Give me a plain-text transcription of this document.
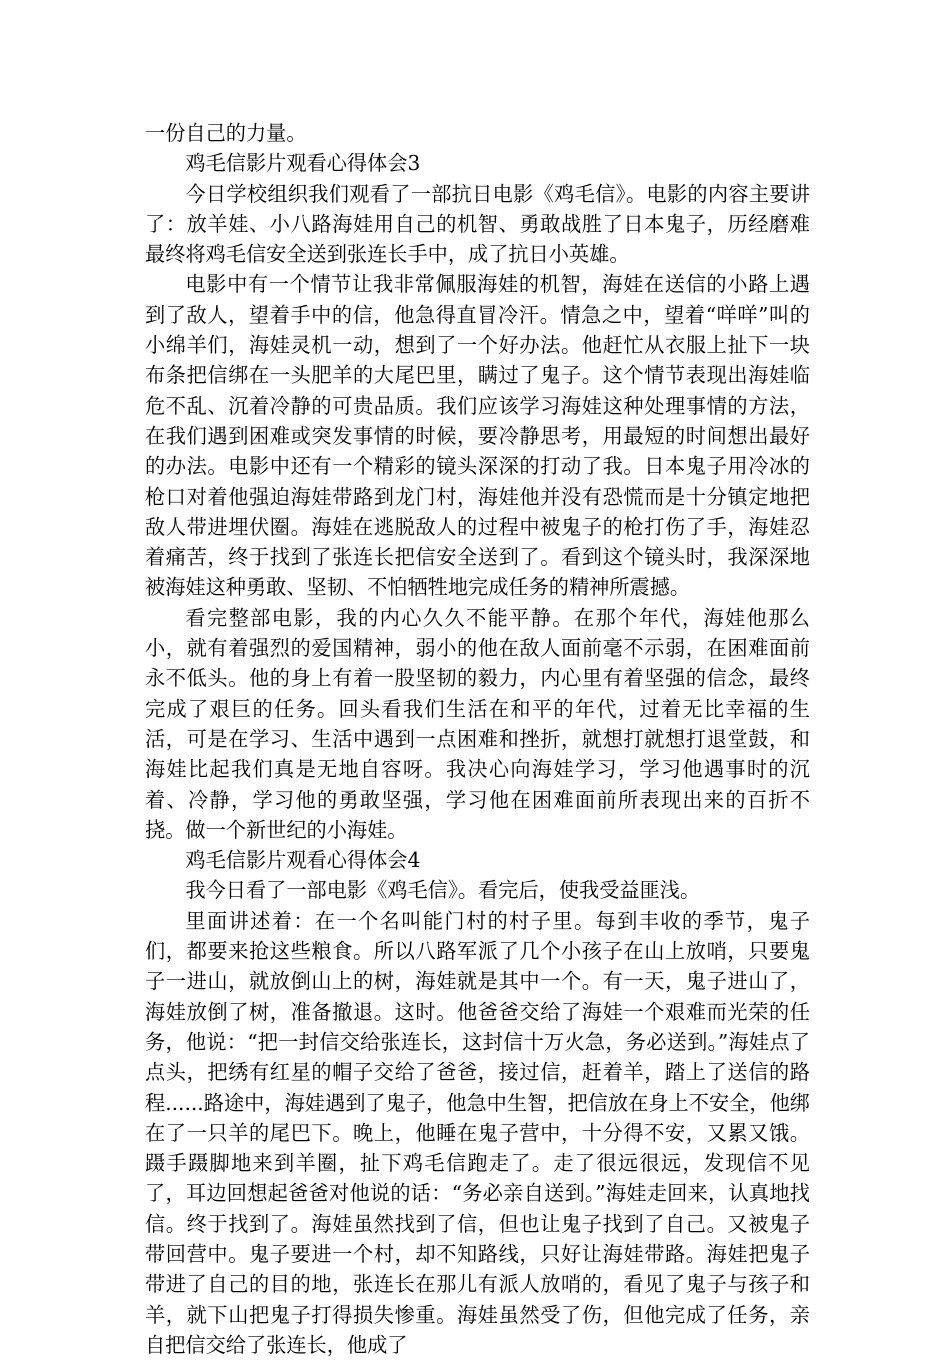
一份自己的力量。

鸡毛信影片观看心得体会3

今日学校组织我们观看了一部抗日电影《鸡毛信》。电影的内容主要讲了：放羊娃、小八路海娃用自己的机智、勇敢战胜了日本鬼子，历经磨难最终将鸡毛信安全送到张连长手中，成了抗日小英雄。

电影中有一个情节让我非常佩服海娃的机智，海娃在送信的小路上遇到了敌人，望着手中的信，他急得直冒冷汗。情急之中，望着“咩咩”叫的小绵羊们，海娃灵机一动，想到了一个好办法。他赶忙从衣服上扯下一块布条把信绑在一头肥羊的大尾巴里，瞒过了鬼子。这个情节表现出海娃临危不乱、沉着冷静的可贵品质。我们应该学习海娃这种处理事情的方法，在我们遇到困难或突发事情的时候，要冷静思考，用最短的时间想出最好的办法。电影中还有一个精彩的镜头深深的打动了我。日本鬼子用冷冰的枪口对着他强迫海娃带路到龙门村，海娃他并没有恐慌而是十分镇定地把敌人带进埋伏圈。海娃在逃脱敌人的过程中被鬼子的枪打伤了手，海娃忍着痛苦，终于找到了张连长把信安全送到了。看到这个镜头时，我深深地被海娃这种勇敢、坚韧、不怕牺牲地完成任务的精神所震撼。

看完整部电影，我的内心久久不能平静。在那个年代，海娃他那么小，就有着强烈的爱国精神，弱小的他在敌人面前毫不示弱，在困难面前永不低头。他的身上有着一股坚韧的毅力，内心里有着坚强的信念，最终完成了艰巨的任务。回头看我们生活在和平的年代，过着无比幸福的生活，可是在学习、生活中遇到一点困难和挫折，就想打就想打退堂鼓，和海娃比起我们真是无地自容呀。我决心向海娃学习，学习他遇事时的沉着、冷静，学习他的勇敢坚强，学习他在困难面前所表现出来的百折不挠。做一个新世纪的小海娃。

鸡毛信影片观看心得体会4

我今日看了一部电影《鸡毛信》。看完后，使我受益匪浅。

里面讲述着：在一个名叫能门村的村子里。每到丰收的季节，鬼子们，都要来抢这些粮食。所以八路军派了几个小孩子在山上放哨，只要鬼子一进山，就放倒山上的树，海娃就是其中一个。有一天，鬼子进山了，海娃放倒了树，准备撤退。这时。他爸爸交给了海娃一个艰难而光荣的任务，他说：“把一封信交给张连长，这封信十万火急，务必送到。”海娃点了点头，把绣有红星的帽子交给了爸爸，接过信，赶着羊，踏上了送信的路程......路途中，海娃遇到了鬼子，他急中生智，把信放在身上不安全，他绑在了一只羊的尾巴下。晚上，他睡在鬼子营中，十分得不安，又累又饿。蹑手蹑脚地来到羊圈，扯下鸡毛信跑走了。走了很远很远，发现信不见了，耳边回想起爸爸对他说的话：“务必亲自送到。”海娃走回来，认真地找信。终于找到了。海娃虽然找到了信，但也让鬼子找到了自己。又被鬼子带回营中。鬼子要进一个村，却不知路线，只好让海娃带路。海娃把鬼子带进了自己的目的地，张连长在那儿有派人放哨的，看见了鬼子与孩子和羊，就下山把鬼子打得损失惨重。海娃虽然受了伤，但他完成了任务，亲自把信交给了张连长，他成了
